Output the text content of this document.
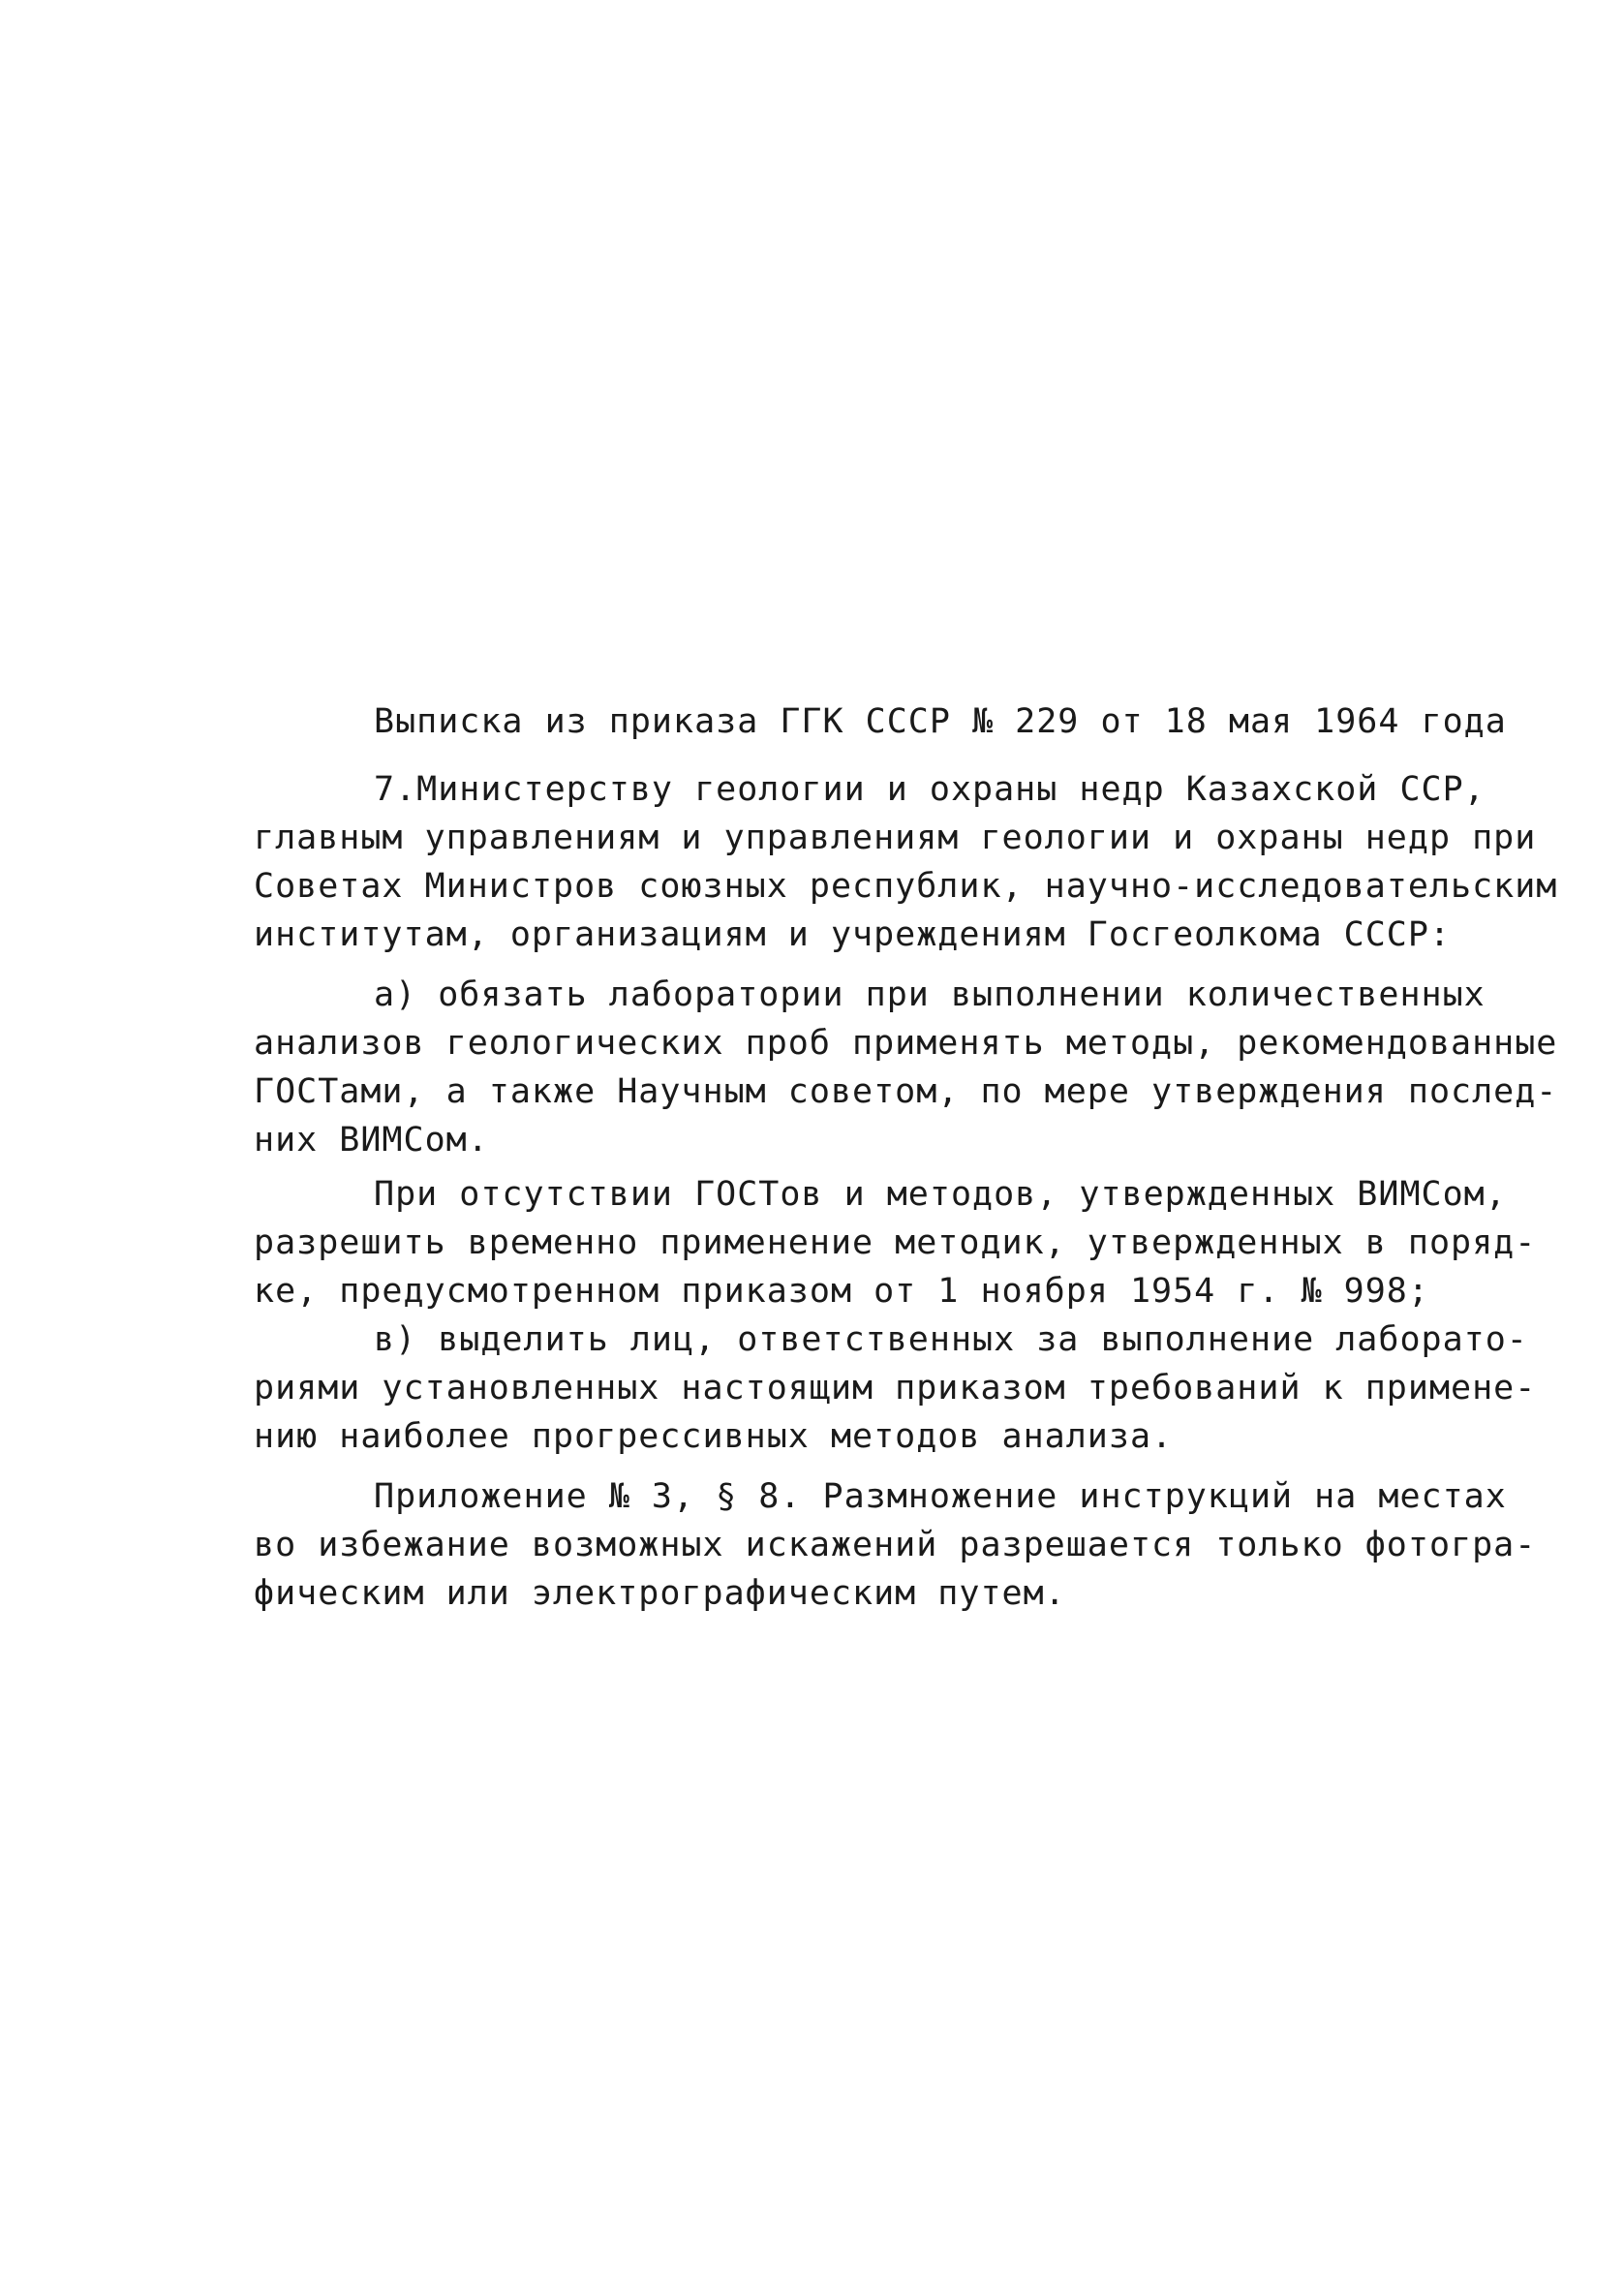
Выписка из приказа ГГК СССР № 229 от 18 мая 1964 года
7.Министерству геологии и охраны недр Казахской ССР,
главным управлениям и управлениям геологии и охраны недр при
Советах Министров союзных республик, научно-исследовательским
институтам, организациям и учреждениям Госгеолкома СССР:
а) обязать лаборатории при выполнении количественных
анализов геологических проб применять методы, рекомендованные
ГОСТами, а также Научным советом, по мере утверждения послед-
них ВИМСом.
При отсутствии ГОСТов и методов, утвержденных ВИМСом,
разрешить временно применение методик, утвержденных в поряд-
ке, предусмотренном приказом от 1 ноября 1954 г. № 998;
в) выделить лиц, ответственных за выполнение лаборато-
риями установленных настоящим приказом требований к примене-
нию наиболее прогрессивных методов анализа.
Приложение № 3, § 8. Размножение инструкций на местах
во избежание возможных искажений разрешается только фотогра-
фическим или электрографическим путем.
